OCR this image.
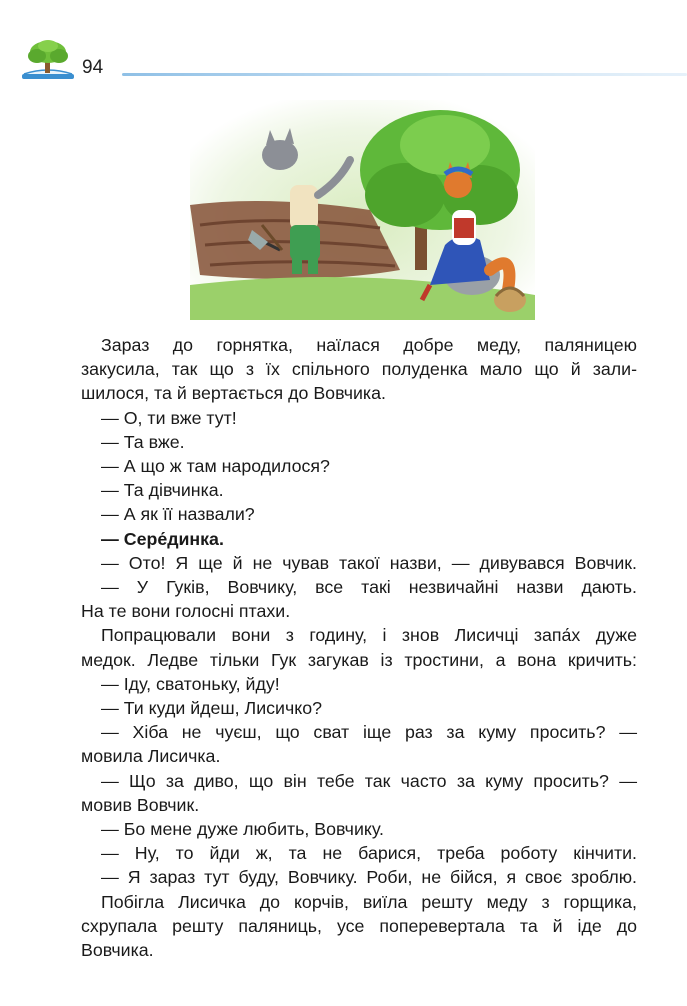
94

Зараз до горнятка, наїлася добре меду, паляницею

закусила, так що з їх спільного полуденка мало що й зали-

шилося, та й вертається до Вовчика.

— О, ти вже тут!

— Та вже.

— А що ж там народилося?

— Та дівчинка.

— А як її назвали?

— Сере́динка.

— Ото! Я ще й не чував такої назви, — дивувався Вовчик.

— У Гуків, Вовчику, все такі незвичайні назви дають.

На те вони голосні птахи.

Попрацювали вони з годину, і знов Лисичці запа́х дуже

медок. Ледве тільки Гук загукав із тростини, а вона кричить:

— Іду, сватоньку, йду!

— Ти куди йдеш, Лисичко?

— Хіба не чуєш, що сват іще раз за куму просить? —

мовила Лисичка.

— Що за диво, що він тебе так часто за куму просить? —

мовив Вовчик.

— Бо мене дуже любить, Вовчику.

— Ну, то йди ж, та не барися, треба роботу кінчити.

— Я зараз тут буду, Вовчику. Роби, не бійся, я своє зроблю.

Побігла Лисичка до корчів, виїла решту меду з горщика,

схрупала решту паляниць, усе поперевертала та й іде до

Вовчика.
